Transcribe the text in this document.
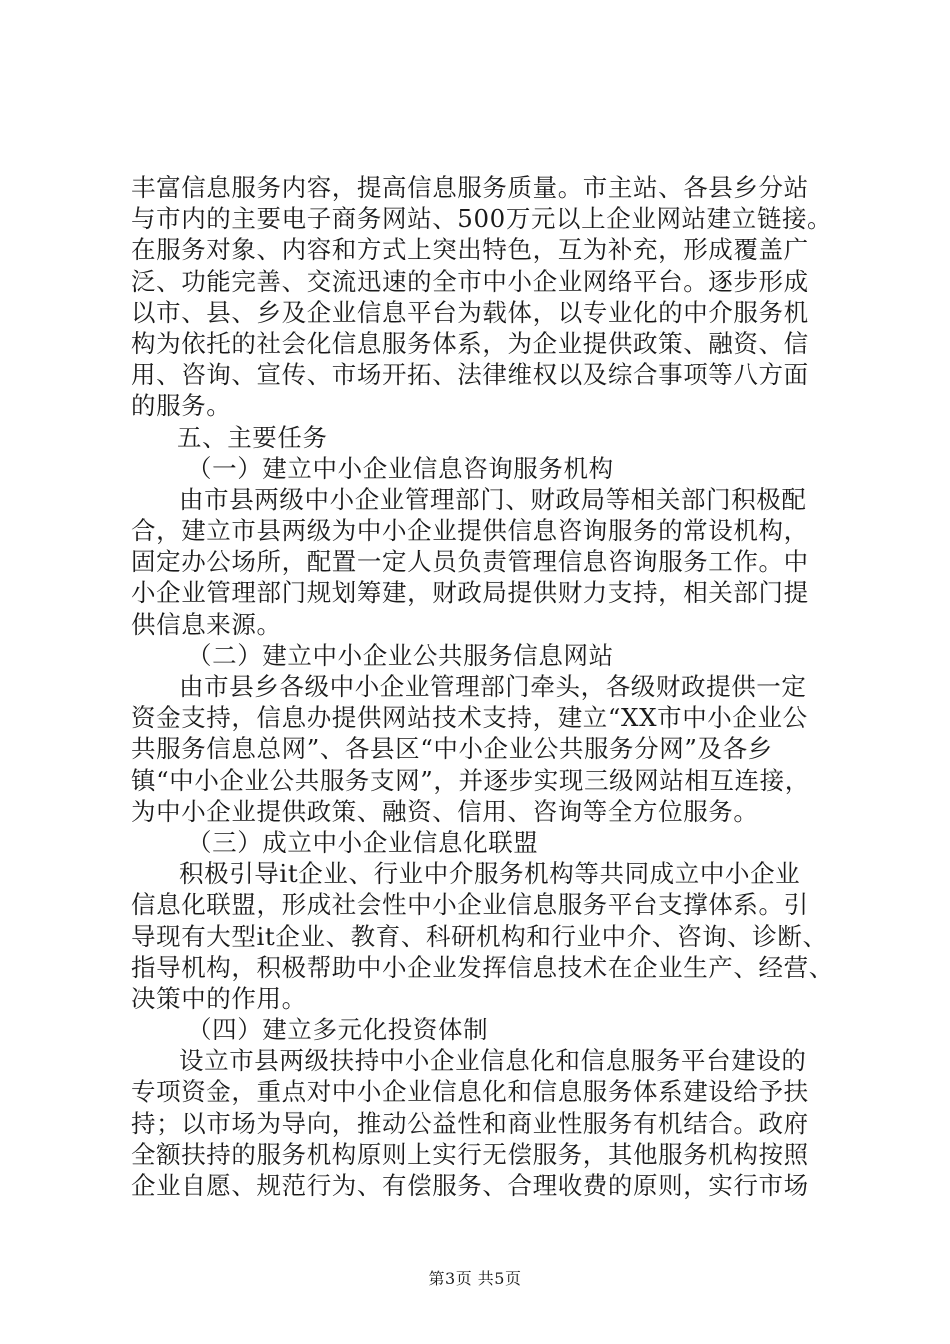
丰富信息服务内容，提高信息服务质量。市主站、各县乡分站
与市内的主要电子商务网站、500万元以上企业网站建立链接。
在服务对象、内容和方式上突出特色，互为补充，形成覆盖广
泛、功能完善、交流迅速的全市中小企业网络平台。逐步形成
以市、县、乡及企业信息平台为载体，以专业化的中介服务机
构为依托的社会化信息服务体系，为企业提供政策、融资、信
用、咨询、宣传、市场开拓、法律维权以及综合事项等八方面
的服务。
五、主要任务
（一）建立中小企业信息咨询服务机构
由市县两级中小企业管理部门、财政局等相关部门积极配
合，建立市县两级为中小企业提供信息咨询服务的常设机构，
固定办公场所，配置一定人员负责管理信息咨询服务工作。中
小企业管理部门规划筹建，财政局提供财力支持，相关部门提
供信息来源。
（二）建立中小企业公共服务信息网站
由市县乡各级中小企业管理部门牵头，各级财政提供一定
资金支持，信息办提供网站技术支持，建立“XX市中小企业公
共服务信息总网”、各县区“中小企业公共服务分网”及各乡
镇“中小企业公共服务支网”，并逐步实现三级网站相互连接，
为中小企业提供政策、融资、信用、咨询等全方位服务。
（三）成立中小企业信息化联盟
积极引导it企业、行业中介服务机构等共同成立中小企业
信息化联盟，形成社会性中小企业信息服务平台支撑体系。引
导现有大型it企业、教育、科研机构和行业中介、咨询、诊断、
指导机构，积极帮助中小企业发挥信息技术在企业生产、经营、
决策中的作用。
（四）建立多元化投资体制
设立市县两级扶持中小企业信息化和信息服务平台建设的
专项资金，重点对中小企业信息化和信息服务体系建设给予扶
持；以市场为导向，推动公益性和商业性服务有机结合。政府
全额扶持的服务机构原则上实行无偿服务，其他服务机构按照
企业自愿、规范行为、有偿服务、合理收费的原则，实行市场
第3页 共5页
